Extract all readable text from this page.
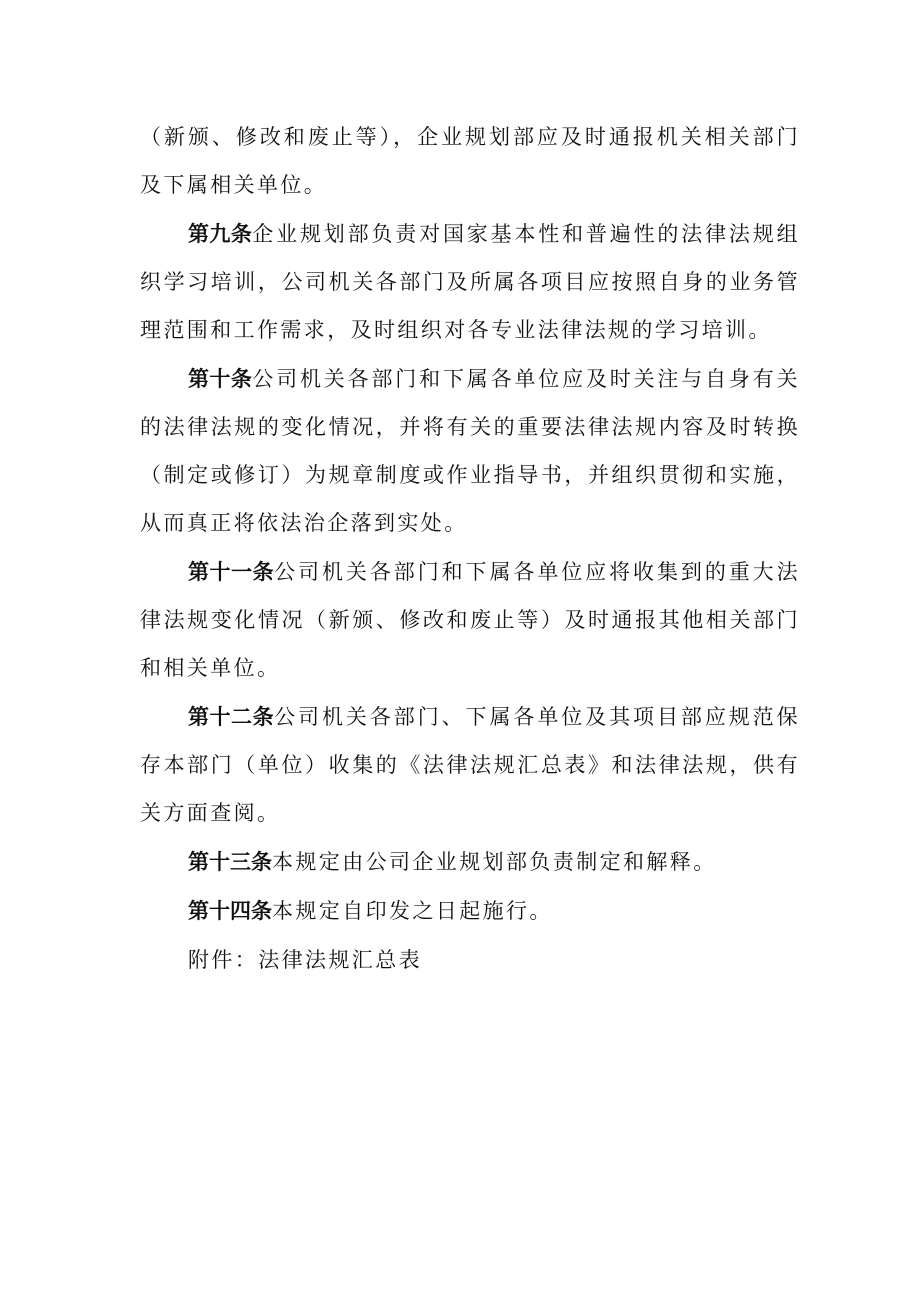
（新颁、修改和废止等），企业规划部应及时通报机关相关部门及下属相关单位。

第九条企业规划部负责对国家基本性和普遍性的法律法规组织学习培训，公司机关各部门及所属各项目应按照自身的业务管理范围和工作需求，及时组织对各专业法律法规的学习培训。

第十条公司机关各部门和下属各单位应及时关注与自身有关的法律法规的变化情况，并将有关的重要法律法规内容及时转换（制定或修订）为规章制度或作业指导书，并组织贯彻和实施，从而真正将依法治企落到实处。

第十一条公司机关各部门和下属各单位应将收集到的重大法律法规变化情况（新颁、修改和废止等）及时通报其他相关部门和相关单位。

第十二条公司机关各部门、下属各单位及其项目部应规范保存本部门（单位）收集的《法律法规汇总表》和法律法规，供有关方面查阅。

第十三条本规定由公司企业规划部负责制定和解释。

第十四条本规定自印发之日起施行。

附件：法律法规汇总表
